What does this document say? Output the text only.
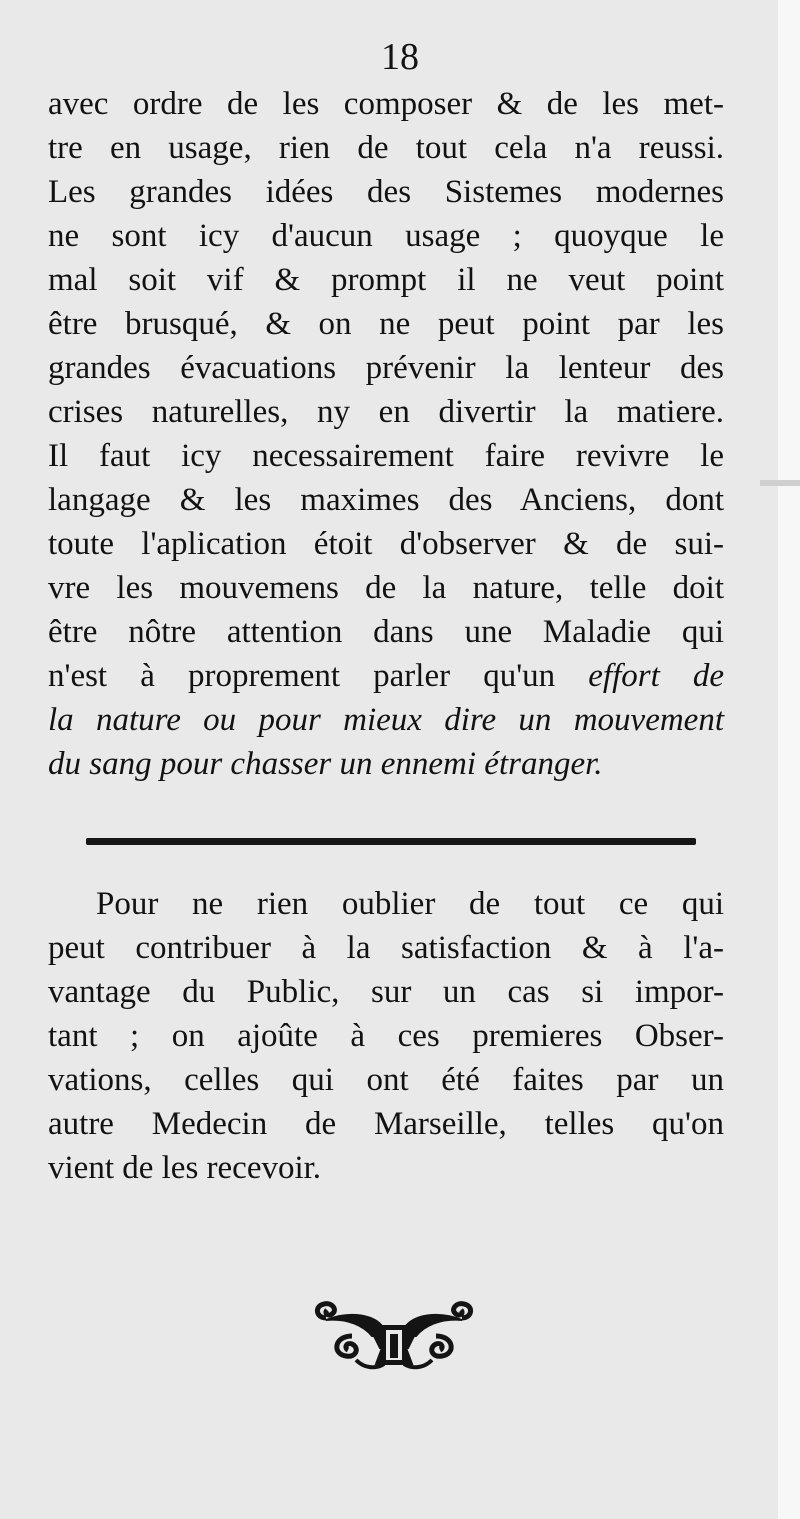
18
avec ordre de les composer & de les met-
tre en usage, rien de tout cela n'a reussi.
Les grandes idées des Sistemes modernes
ne sont icy d'aucun usage ; quoyque le
mal soit vif & prompt il ne veut point
être brusqué, & on ne peut point par les
grandes évacuations prévenir la lenteur des
crises naturelles, ny en divertir la matiere.
Il faut icy necessairement faire revivre le
langage & les maximes des Anciens, dont
toute l'aplication étoit d'observer & de sui-
vre les mouvemens de la nature, telle doit
être nôtre attention dans une Maladie qui
n'est à proprement parler qu'un effort de
la nature ou pour mieux dire un mouvement
du sang pour chasser un ennemi étranger.
Pour ne rien oublier de tout ce qui
peut contribuer à la satisfaction & à l'a-
vantage du Public, sur un cas si impor-
tant ; on ajoûte à ces premieres Obser-
vations, celles qui ont été faites par un
autre Medecin de Marseille, telles qu'on
vient de les recevoir.
